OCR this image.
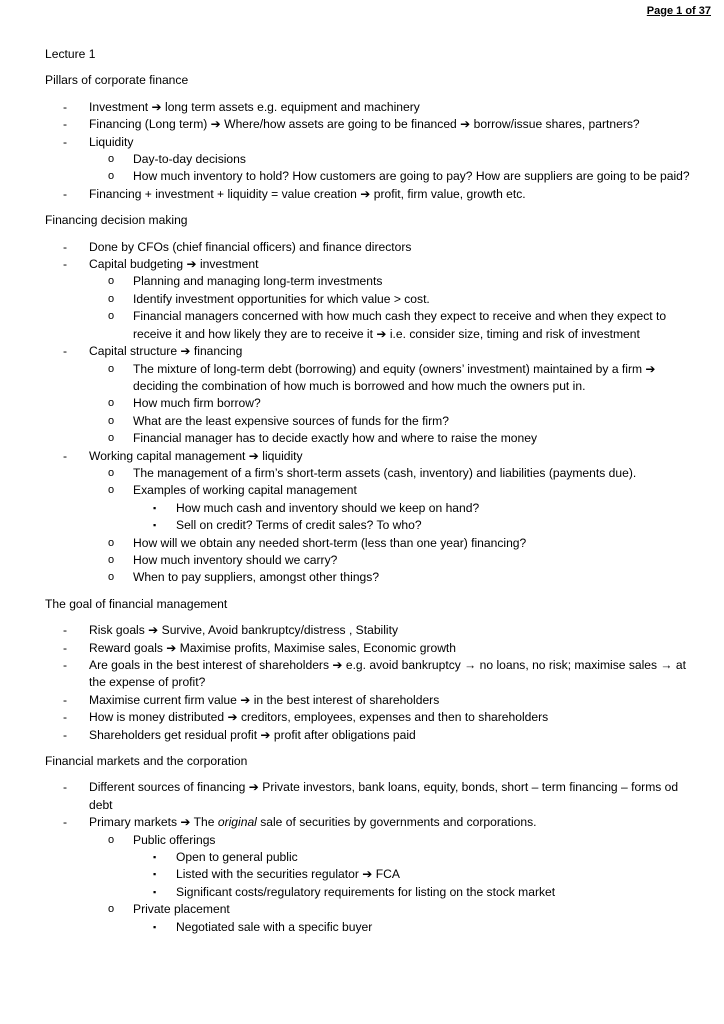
Page 1 of 37
Lecture 1
Pillars of corporate finance
- Investment ➔ long term assets e.g. equipment and machinery
- Financing (Long term) ➔ Where/how assets are going to be financed ➔ borrow/issue shares, partners?
- Liquidity
o Day-to-day decisions
o How much inventory to hold? How customers are going to pay? How are suppliers are going to be paid?
- Financing + investment + liquidity = value creation ➔ profit, firm value, growth etc.
Financing decision making
- Done by CFOs (chief financial officers) and finance directors
- Capital budgeting ➔ investment
o Planning and managing long-term investments
o Identify investment opportunities for which value > cost.
o Financial managers concerned with how much cash they expect to receive and when they expect to receive it and how likely they are to receive it ➔ i.e. consider size, timing and risk of investment
- Capital structure ➔ financing
o The mixture of long-term debt (borrowing) and equity (owners’ investment) maintained by a firm ➔ deciding the combination of how much is borrowed and how much the owners put in.
o How much firm borrow?
o What are the least expensive sources of funds for the firm?
o Financial manager has to decide exactly how and where to raise the money
- Working capital management ➔ liquidity
o The management of a firm’s short-term assets (cash, inventory) and liabilities (payments due).
o Examples of working capital management
▪ How much cash and inventory should we keep on hand?
▪ Sell on credit? Terms of credit sales? To who?
o How will we obtain any needed short-term (less than one year) financing?
o How much inventory should we carry?
o When to pay suppliers, amongst other things?
The goal of financial management
- Risk goals ➔ Survive, Avoid bankruptcy/distress , Stability
- Reward goals ➔ Maximise profits, Maximise sales, Economic growth
- Are goals in the best interest of shareholders ➔ e.g. avoid bankruptcy → no loans, no risk; maximise sales → at the expense of profit?
- Maximise current firm value ➔ in the best interest of shareholders
- How is money distributed ➔ creditors, employees, expenses and then to shareholders
- Shareholders get residual profit ➔ profit after obligations paid
Financial markets and the corporation
- Different sources of financing ➔ Private investors, bank loans, equity, bonds, short – term financing – forms od debt
- Primary markets ➔ The original sale of securities by governments and corporations.
o Public offerings
▪ Open to general public
▪ Listed with the securities regulator ➔ FCA
▪ Significant costs/regulatory requirements for listing on the stock market
o Private placement
▪ Negotiated sale with a specific buyer
